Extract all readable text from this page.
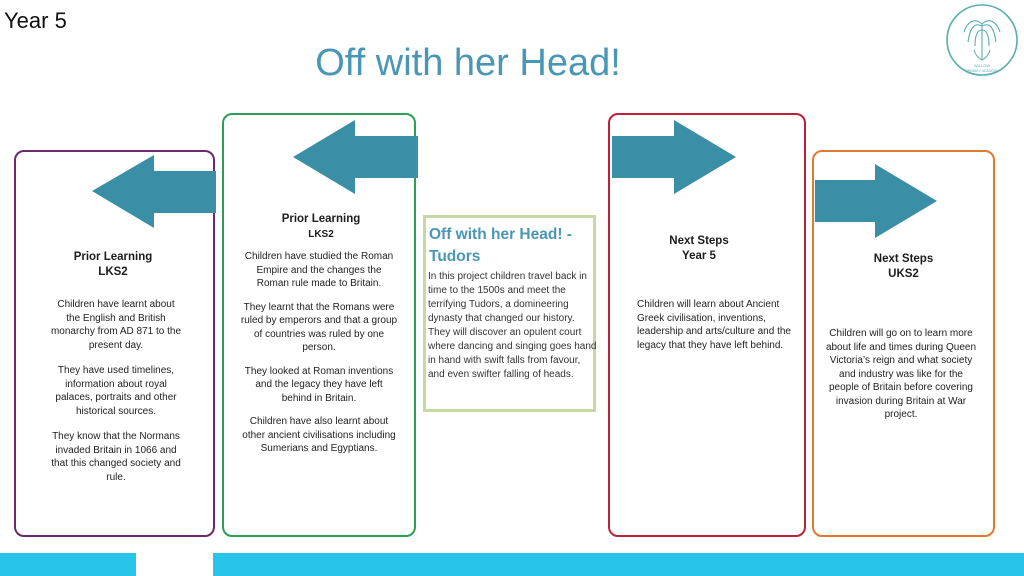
Year 5
Off with her Head!	WILLOW
PRIMARY ACADEMY
Prior Learning
LKS2

Children have learnt about the English and British monarchy from AD 871 to the present day.

They have used timelines, information about royal palaces, portraits and other historical sources.

They know that the Normans invaded Britain in 1066 and that this changed society and rule.

Prior Learning
LKS2

Children have studied the Roman Empire and the changes the Roman rule made to Britain.

They learnt that the Romans were ruled by emperors and that a group of countries was ruled by one person.

They looked at Roman inventions and the legacy they have left behind in Britain.

Children have also learnt about other ancient civilisations including Sumerians and Egyptians.

Off with her Head! - Tudors
In this project children travel back in time to the 1500s and meet the terrifying Tudors, a domineering dynasty that changed our history. They will discover an opulent court where dancing and singing goes hand in hand with swift falls from favour, and even swifter falling of heads.
Next Steps
Year 5

Children will learn about Ancient Greek civilisation, inventions, leadership and arts/culture and the legacy that they have left behind.

Next Steps
UKS2

Children will go on to learn more about life and times during Queen Victoria’s reign and what society and industry was like for the people of Britain before covering invasion during Britain at War project.
